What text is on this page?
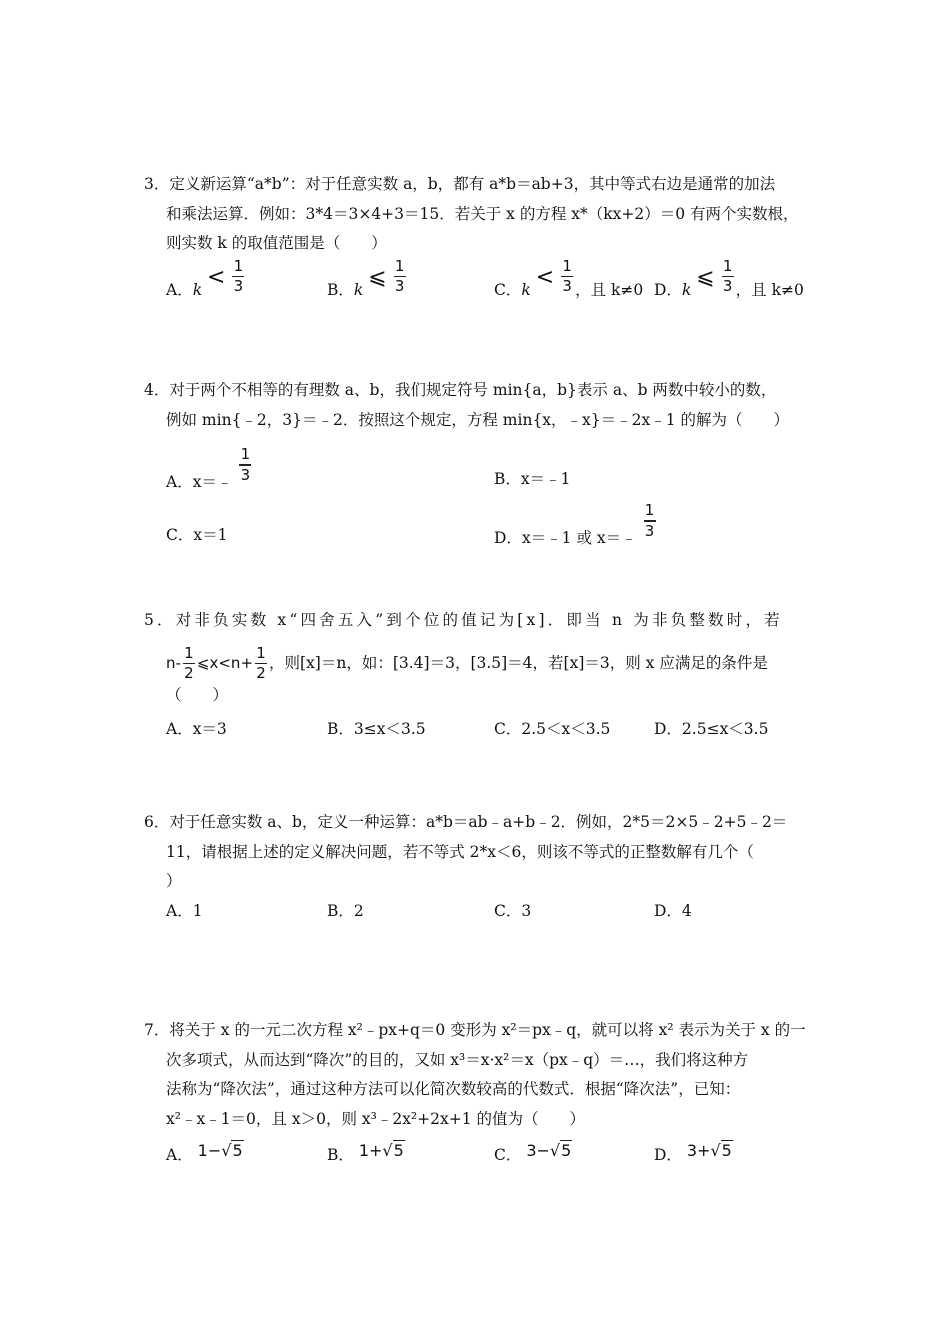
3．定义新运算“a*b”：对于任意实数 a，b，都有 a*b＝ab+3，其中等式右边是通常的加法

和乘法运算．例如：3*4＝3×4+3＝15．若关于 x 的方程 x*（kx+2）＝0 有两个实数根，

则实数 k 的取值范围是（　　）

A．$k < \frac{1}{3}$	B．k ⩽ $\frac{1}{3}$	C．$k < \frac{1}{3}$ ，且 k≠0 D．k ⩽ $\frac{1}{3}$ ，且 k≠0

4．对于两个不相等的有理数 a、b，我们规定符号 min{a，b}表示 a、b 两数中较小的数，

例如 min{﹣2，3}＝﹣2．按照这个规定，方程 min{x，﹣x}＝﹣2x﹣1 的解为（　　）

A．x＝﹣ $\frac{1}{3}$	B．x＝﹣1
C．x＝1	D．x＝﹣1 或 x＝﹣ $\frac{1}{3}$

5．对非负实数 x“四舍五入”到个位的值记为[x]．即当 n 为非负整数时，若

$n- \frac{1}{2}$ ⩽x<n+ $\frac{1}{2}$ ，则[x]＝n，如：[3.4]＝3，[3.5]＝4，若[x]＝3，则 x 应满足的条件是

（　　）

A．x＝3	B．3≤x＜3.5	C．2.5＜x＜3.5	D．2.5≤x＜3.5

6．对于任意实数 a、b，定义一种运算：a*b＝ab﹣a+b﹣2．例如，2*5＝2×5﹣2+5﹣2＝

11，请根据上述的定义解决问题，若不等式 2*x＜6，则该不等式的正整数解有几个（

）

A．1	B．2	C．3	D．4

7．将关于 x 的一元二次方程 x²﹣px+q＝0 变形为 x²＝px﹣q，就可以将 x² 表示为关于 x 的一

次多项式，从而达到“降次”的目的，又如 x³＝x·x²＝x（px﹣q）＝…，我们将这种方

法称为“降次法”，通过这种方法可以化简次数较高的代数式．根据“降次法”，已知：

x²﹣x﹣1＝0，且 x＞0，则 x³﹣2x²+2x+1 的值为（　　）

A． 1−√5	B． 1+√5	C． 3−√5	D． 3+√5
